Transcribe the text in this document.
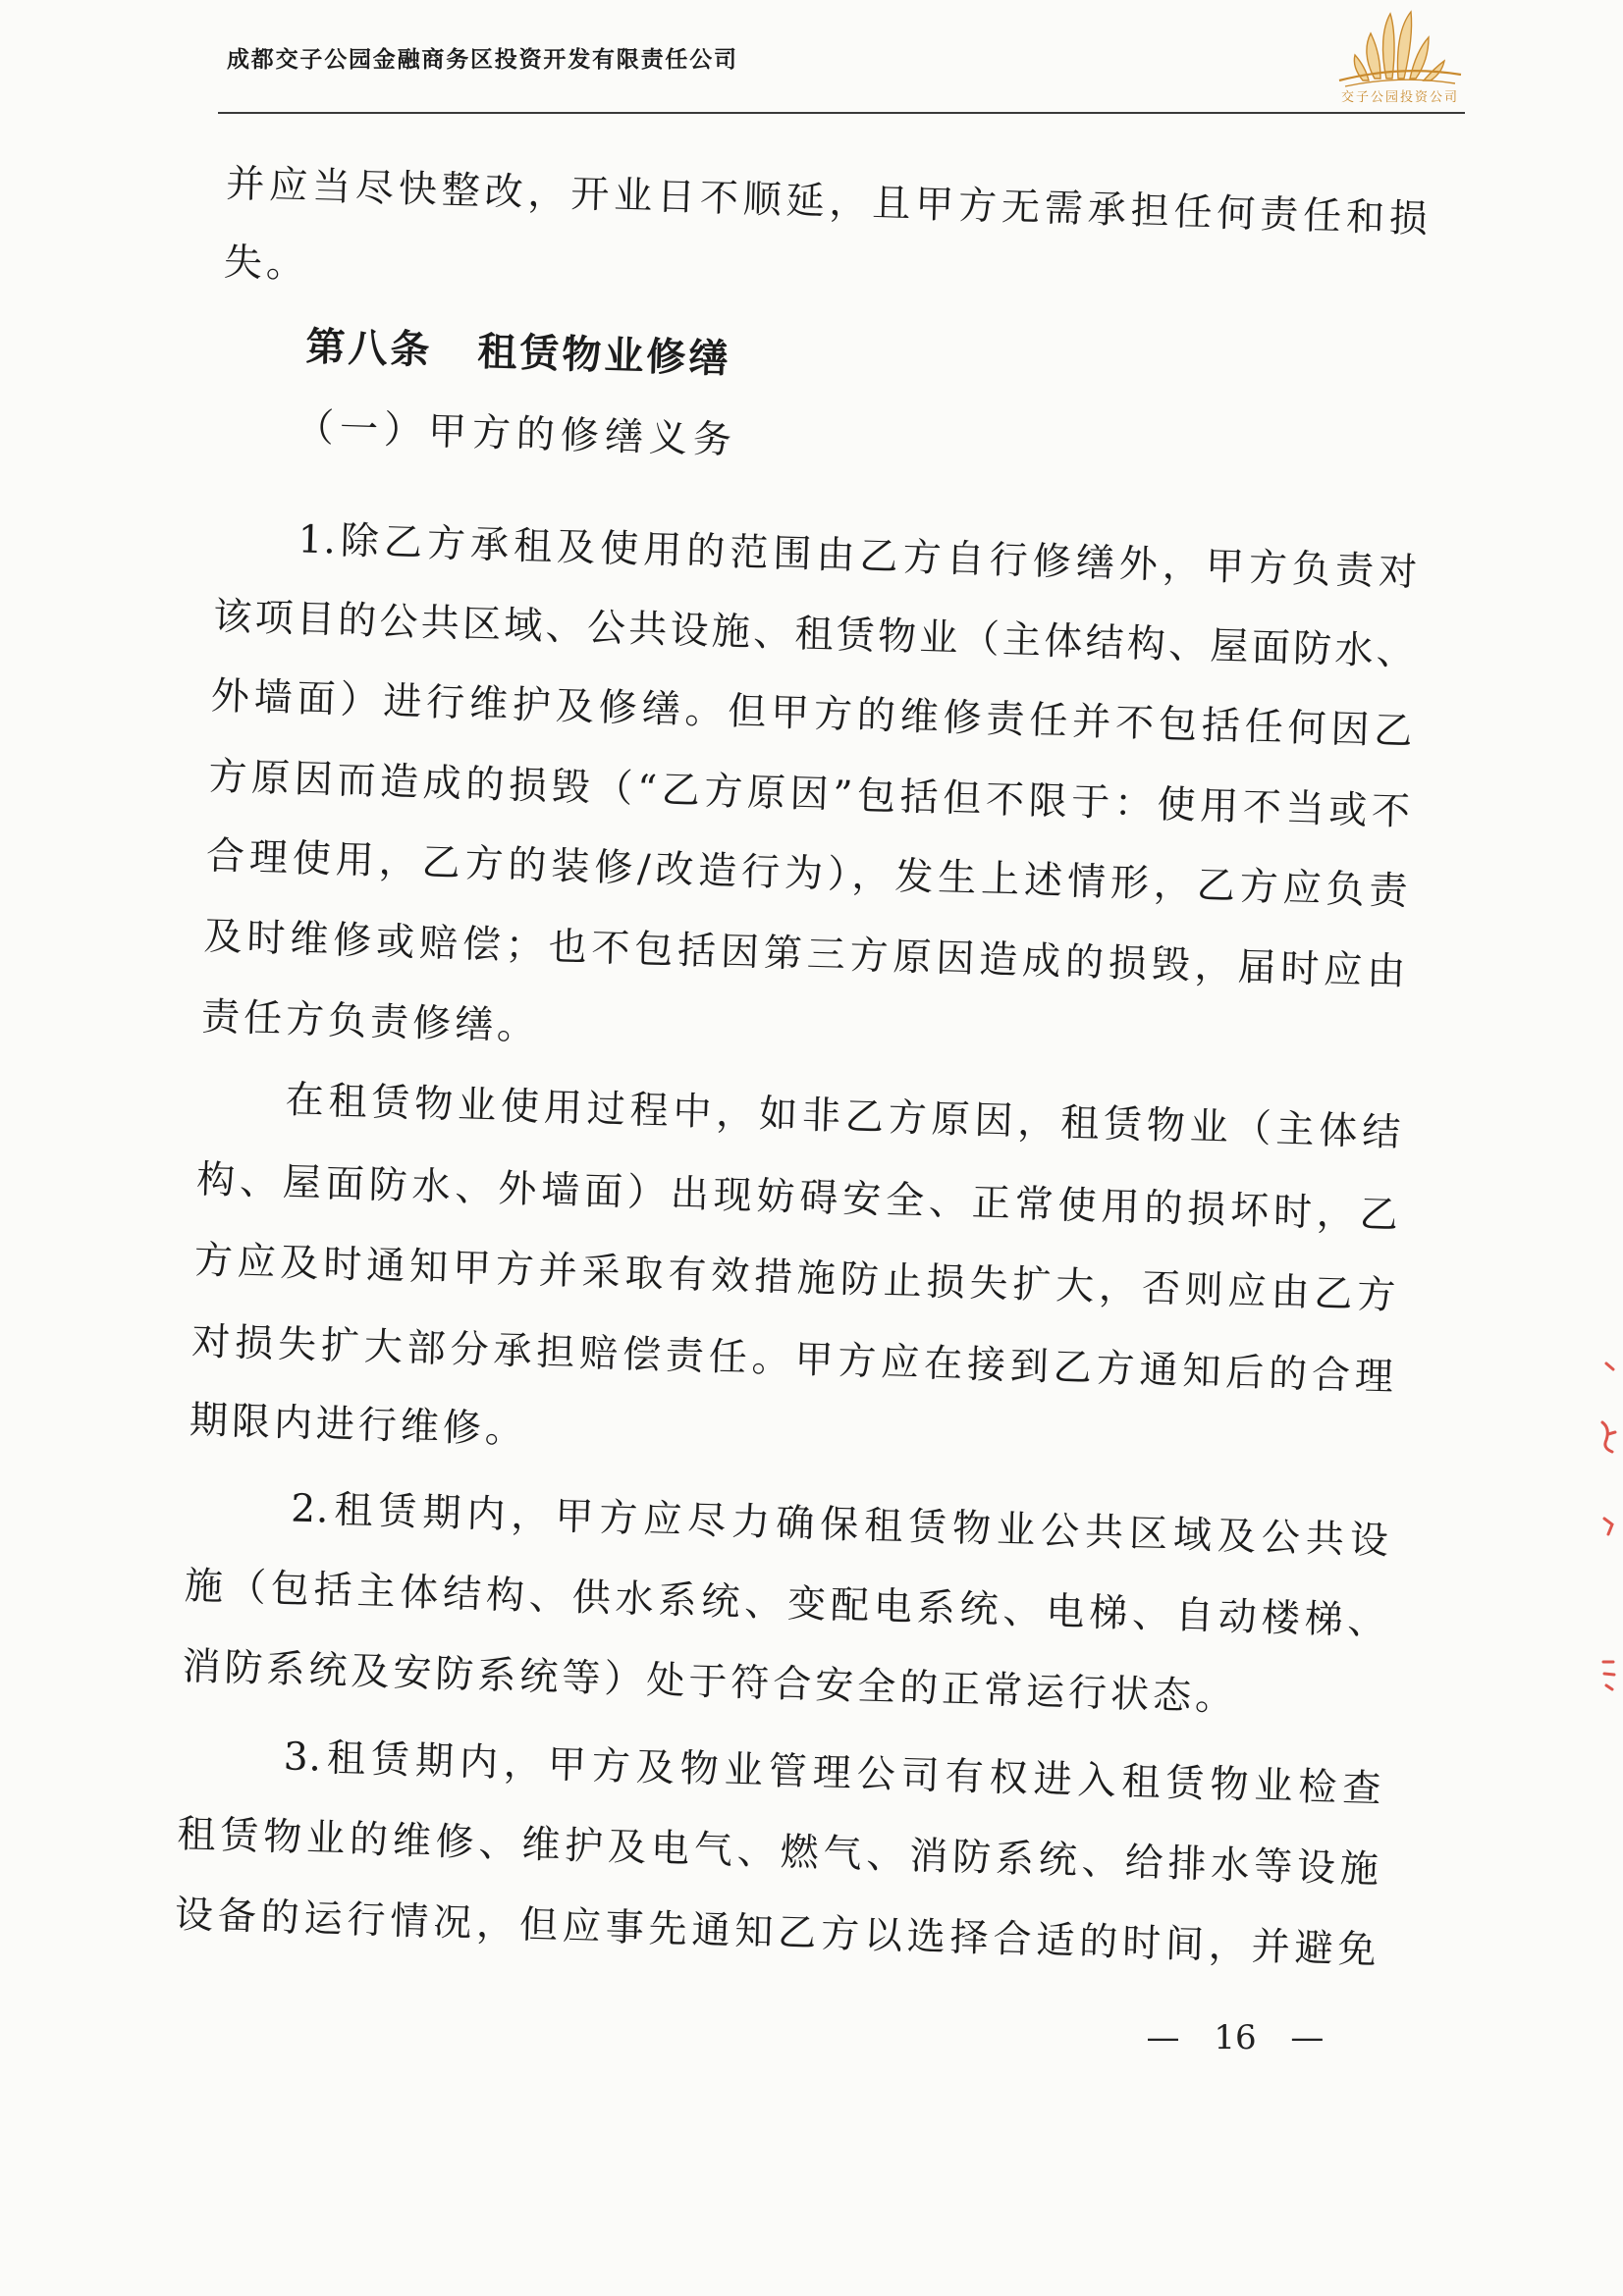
成都交子公园金融商务区投资开发有限责任公司
交子公园投资公司
并应当尽快整改，开业日不顺延，且甲方无需承担任何责任和损
失。
第八条 租赁物业修缮
（一）甲方的修缮义务
1.除乙方承租及使用的范围由乙方自行修缮外，甲方负责对
该项目的公共区域、公共设施、租赁物业（主体结构、屋面防水、
外墙面）进行维护及修缮。但甲方的维修责任并不包括任何因乙
方原因而造成的损毁（“乙方原因”包括但不限于：使用不当或不
合理使用，乙方的装修/改造行为），发生上述情形，乙方应负责
及时维修或赔偿；也不包括因第三方原因造成的损毁，届时应由
责任方负责修缮。
在租赁物业使用过程中，如非乙方原因，租赁物业（主体结
构、屋面防水、外墙面）出现妨碍安全、正常使用的损坏时，乙
方应及时通知甲方并采取有效措施防止损失扩大，否则应由乙方
对损失扩大部分承担赔偿责任。甲方应在接到乙方通知后的合理
期限内进行维修。
2.租赁期内，甲方应尽力确保租赁物业公共区域及公共设
施（包括主体结构、供水系统、变配电系统、电梯、自动楼梯、
消防系统及安防系统等）处于符合安全的正常运行状态。
3.租赁期内，甲方及物业管理公司有权进入租赁物业检查
租赁物业的维修、维护及电气、燃气、消防系统、给排水等设施
设备的运行情况，但应事先通知乙方以选择合适的时间，并避免
— 16 —
